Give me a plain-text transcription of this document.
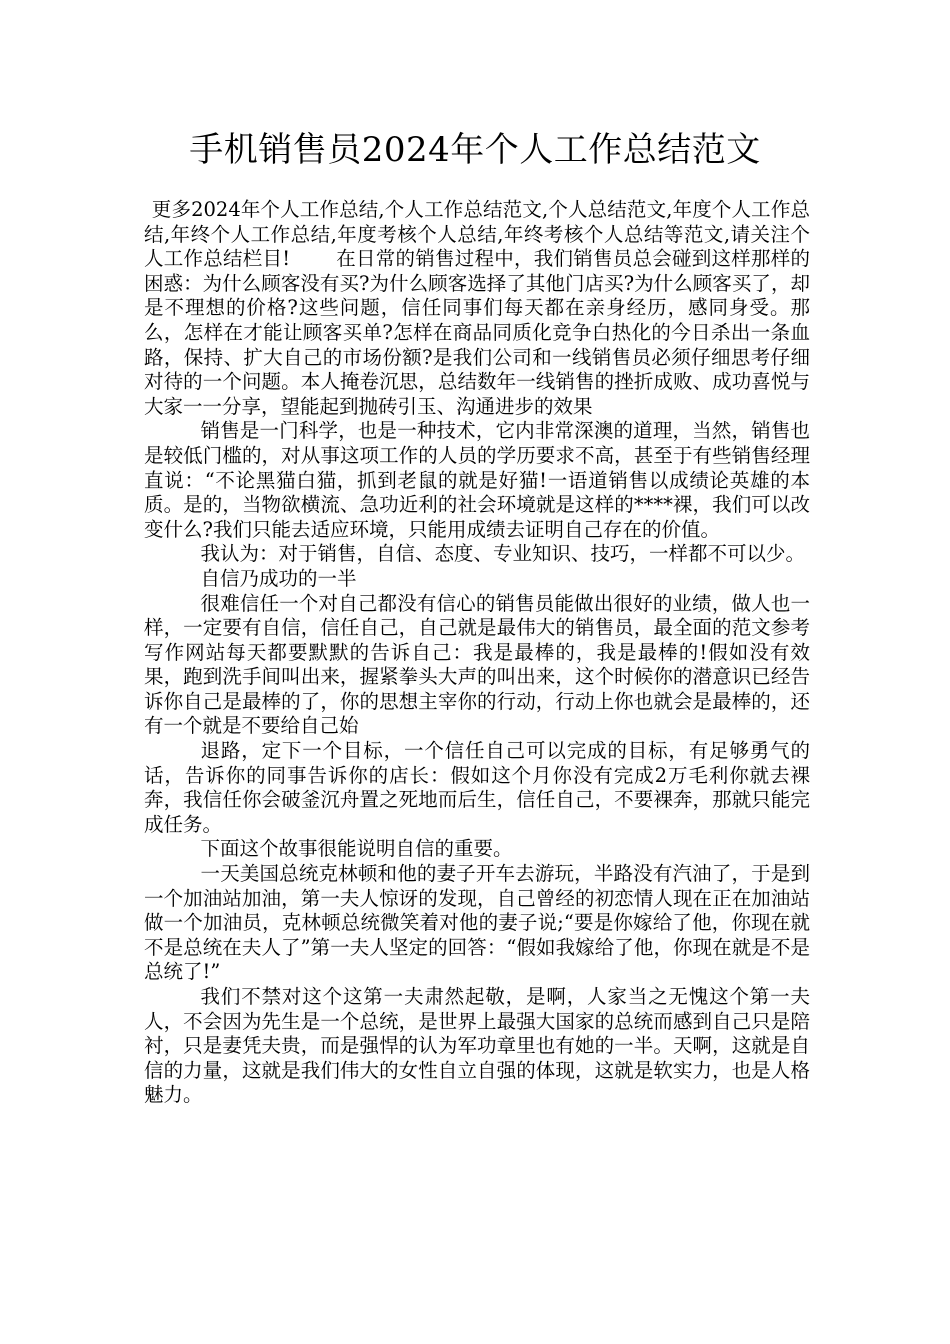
手机销售员2024年个人工作总结范文

更多2024年个人工作总结,个人工作总结范文,个人总结范文,年度个人工作总结,年终个人工作总结,年度考核个人总结,年终考核个人总结等范文,请关注个人工作总结栏目!　　 在日常的销售过程中，我们销售员总会碰到这样那样的困惑：为什么顾客没有买?为什么顾客选择了其他门店买?为什么顾客买了，却是不理想的价格?这些问题，信任同事们每天都在亲身经历，感同身受。那么，怎样在才能让顾客买单?怎样在商品同质化竞争白热化的今日杀出一条血路，保持、扩大自己的市场份额?是我们公司和一线销售员必须仔细思考仔细对待的一个问题。本人掩卷沉思，总结数年一线销售的挫折成败、成功喜悦与大家一一分享，望能起到抛砖引玉、沟通进步的效果

销售是一门科学，也是一种技术，它内非常深澳的道理，当然，销售也是较低门槛的，对从事这项工作的人员的学历要求不高，甚至于有些销售经理直说：“不论黑猫白猫，抓到老鼠的就是好猫!一语道销售以成绩论英雄的本质。是的，当物欲横流、急功近利的社会环境就是这样的****裸，我们可以改变什么?我们只能去适应环境，只能用成绩去证明自己存在的价值。

我认为：对于销售，自信、态度、专业知识、技巧，一样都不可以少。

自信乃成功的一半

很难信任一个对自己都没有信心的销售员能做出很好的业绩，做人也一样，一定要有自信，信任自己，自己就是最伟大的销售员，最全面的范文参考写作网站每天都要默默的告诉自己：我是最棒的，我是最棒的!假如没有效果，跑到洗手间叫出来，握紧拳头大声的叫出来，这个时候你的潜意识已经告诉你自己是最棒的了，你的思想主宰你的行动，行动上你也就会是最棒的，还有一个就是不要给自己始

退路，定下一个目标，一个信任自己可以完成的目标，有足够勇气的话，告诉你的同事告诉你的店长：假如这个月你没有完成2万毛利你就去裸奔，我信任你会破釜沉舟置之死地而后生，信任自己，不要裸奔，那就只能完成任务。

下面这个故事很能说明自信的重要。

一天美国总统克林顿和他的妻子开车去游玩，半路没有汽油了，于是到一个加油站加油，第一夫人惊讶的发现，自己曾经的初恋情人现在正在加油站做一个加油员，克林顿总统微笑着对他的妻子说;“要是你嫁给了他，你现在就不是总统在夫人了”第一夫人坚定的回答：“假如我嫁给了他，你现在就是不是总统了!”

我们不禁对这个这第一夫肃然起敬，是啊，人家当之无愧这个第一夫人，不会因为先生是一个总统，是世界上最强大国家的总统而感到自己只是陪衬，只是妻凭夫贵，而是强悍的认为军功章里也有她的一半。天啊，这就是自信的力量，这就是我们伟大的女性自立自强的体现，这就是软实力，也是人格魅力。
